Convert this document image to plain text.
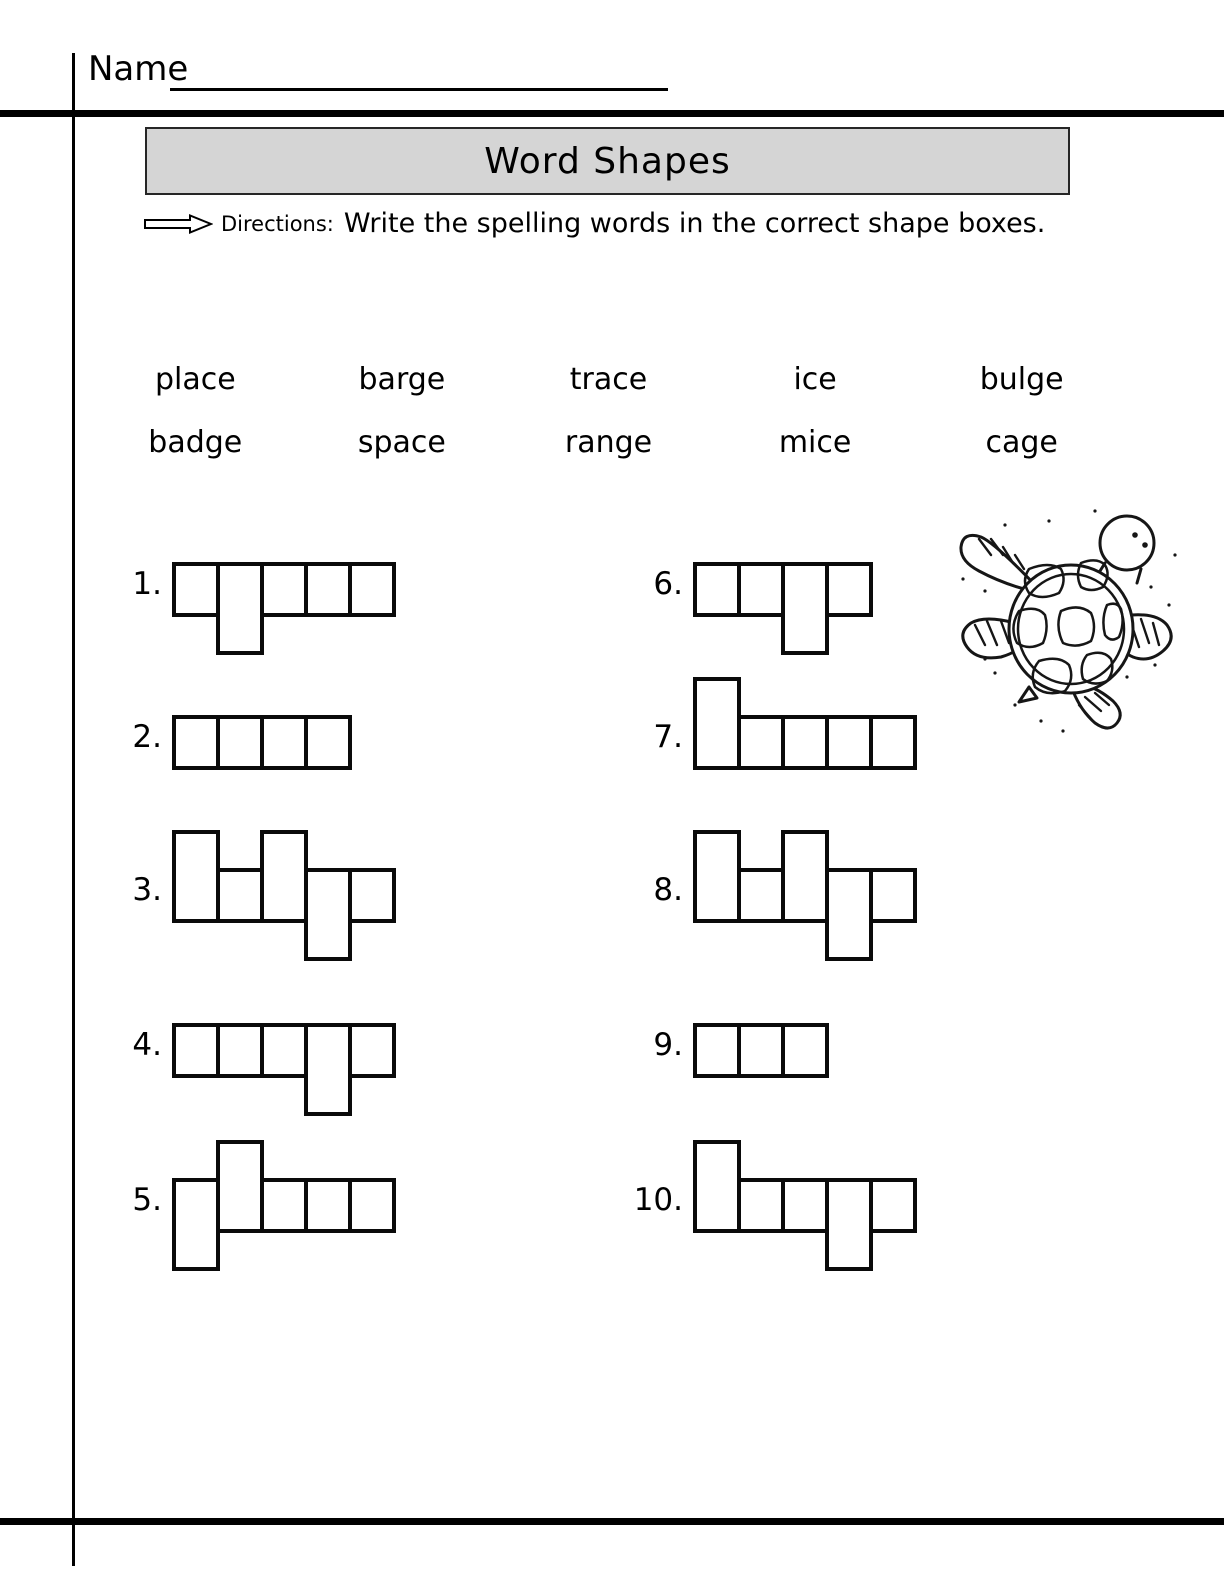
Name
Word Shapes
Directions: Write the spelling words in the correct shape boxes.
place	barge	trace	ice	bulge
badge	space	range	mice	cage
1.
2.
3.
4.
5.
6.
7.
8.
9.
10.
